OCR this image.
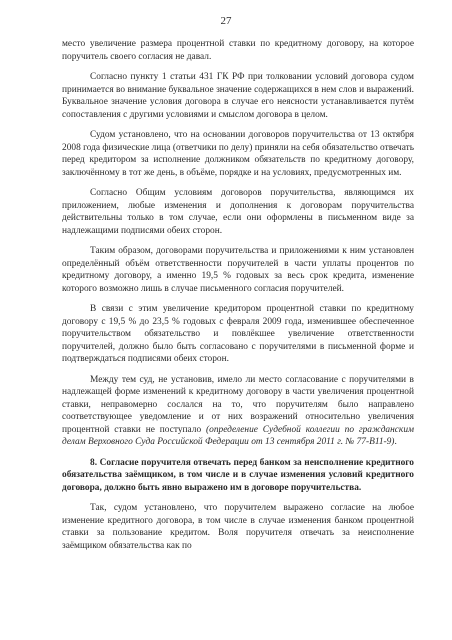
27

место увеличение размера процентной ставки по кредитному договору, на которое поручитель своего согласия не давал.

Согласно пункту 1 статьи 431 ГК РФ при толковании условий договора судом принимается во внимание буквальное значение содержащихся в нем слов и выражений. Буквальное значение условия договора в случае его неясности устанавливается путём сопоставления с другими условиями и смыслом договора в целом.

Судом установлено, что на основании договоров поручительства от 13 октября 2008 года физические лица (ответчики по делу) приняли на себя обязательство отвечать перед кредитором за исполнение должником обязательств по кредитному договору, заключённому в тот же день, в объёме, порядке и на условиях, предусмотренных им.

Согласно Общим условиям договоров поручительства, являющимся их приложением, любые изменения и дополнения к договорам поручительства действительны только в том случае, если они оформлены в письменном виде за надлежащими подписями обеих сторон.

Таким образом, договорами поручительства и приложениями к ним установлен определённый объём ответственности поручителей в части уплаты процентов по кредитному договору, а именно 19,5 % годовых за весь срок кредита, изменение которого возможно лишь в случае письменного согласия поручителей.

В связи с этим увеличение кредитором процентной ставки по кредитному договору с 19,5 % до 23,5 % годовых с февраля 2009 года, изменившее обеспеченное поручительством обязательство и повлёкшее увеличение ответственности поручителей, должно было быть согласовано с поручителями в письменной форме и подтверждаться подписями обеих сторон.

Между тем суд, не установив, имело ли место согласование с поручителями в надлежащей форме изменений к кредитному договору в части увеличения процентной ставки, неправомерно сослался на то, что поручителям было направлено соответствующее уведомление и от них возражений относительно увеличения процентной ставки не поступало (определение Судебной коллегии по гражданским делам Верховного Суда Российской Федерации от 13 сентября 2011 г. № 77-В11-9).

8. Согласие поручителя отвечать перед банком за неисполнение кредитного обязательства заёмщиком, в том числе и в случае изменения условий кредитного договора, должно быть явно выражено им в договоре поручительства.

Так, судом установлено, что поручителем выражено согласие на любое изменение кредитного договора, в том числе в случае изменения банком процентной ставки за пользование кредитом. Воля поручителя отвечать за неисполнение заёмщиком обязательства как по
